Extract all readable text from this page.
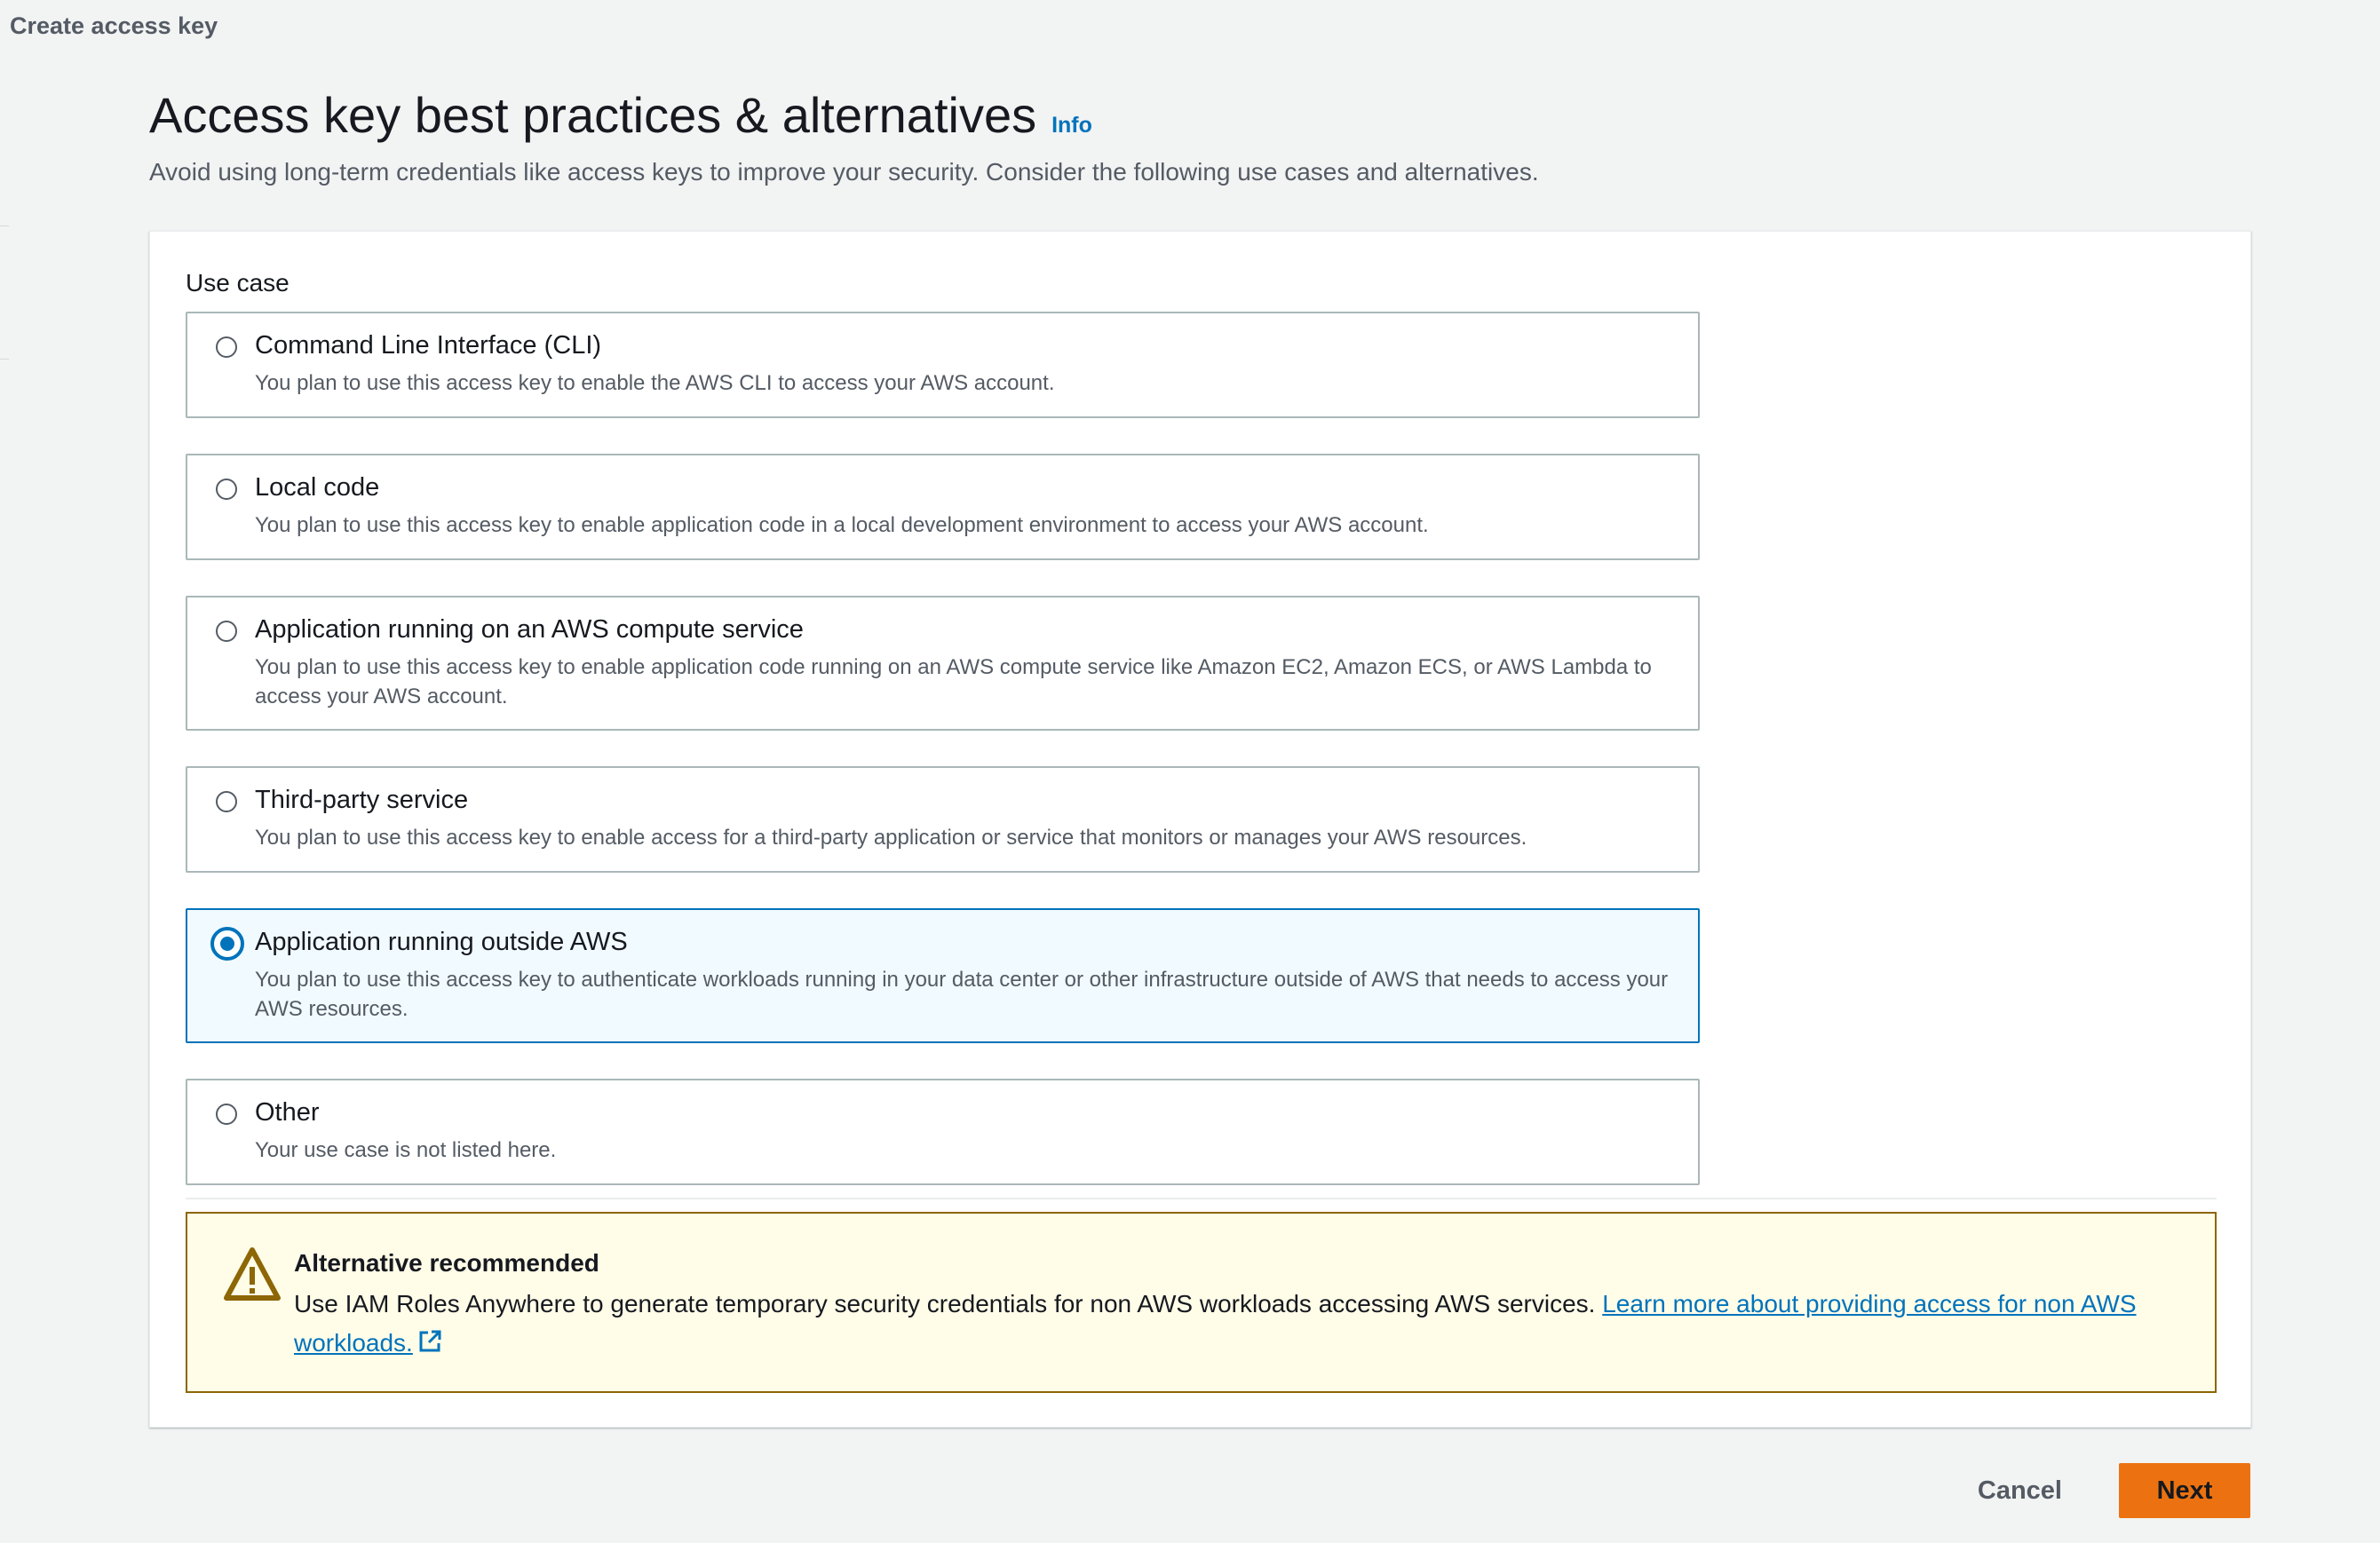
Create access key
Access key best practices & alternatives Info
Avoid using long-term credentials like access keys to improve your security. Consider the following use cases and alternatives.
Use case
Command Line Interface (CLI)
You plan to use this access key to enable the AWS CLI to access your AWS account.
Local code
You plan to use this access key to enable application code in a local development environment to access your AWS account.
Application running on an AWS compute service
You plan to use this access key to enable application code running on an AWS compute service like Amazon EC2, Amazon ECS, or AWS Lambda to access your AWS account.
Third-party service
You plan to use this access key to enable access for a third-party application or service that monitors or manages your AWS resources.
Application running outside AWS
You plan to use this access key to authenticate workloads running in your data center or other infrastructure outside of AWS that needs to access your AWS resources.
Other
Your use case is not listed here.
Alternative recommended
Use IAM Roles Anywhere to generate temporary security credentials for non AWS workloads accessing AWS services. Learn more about providing access for non AWS workloads.
Cancel	Next
